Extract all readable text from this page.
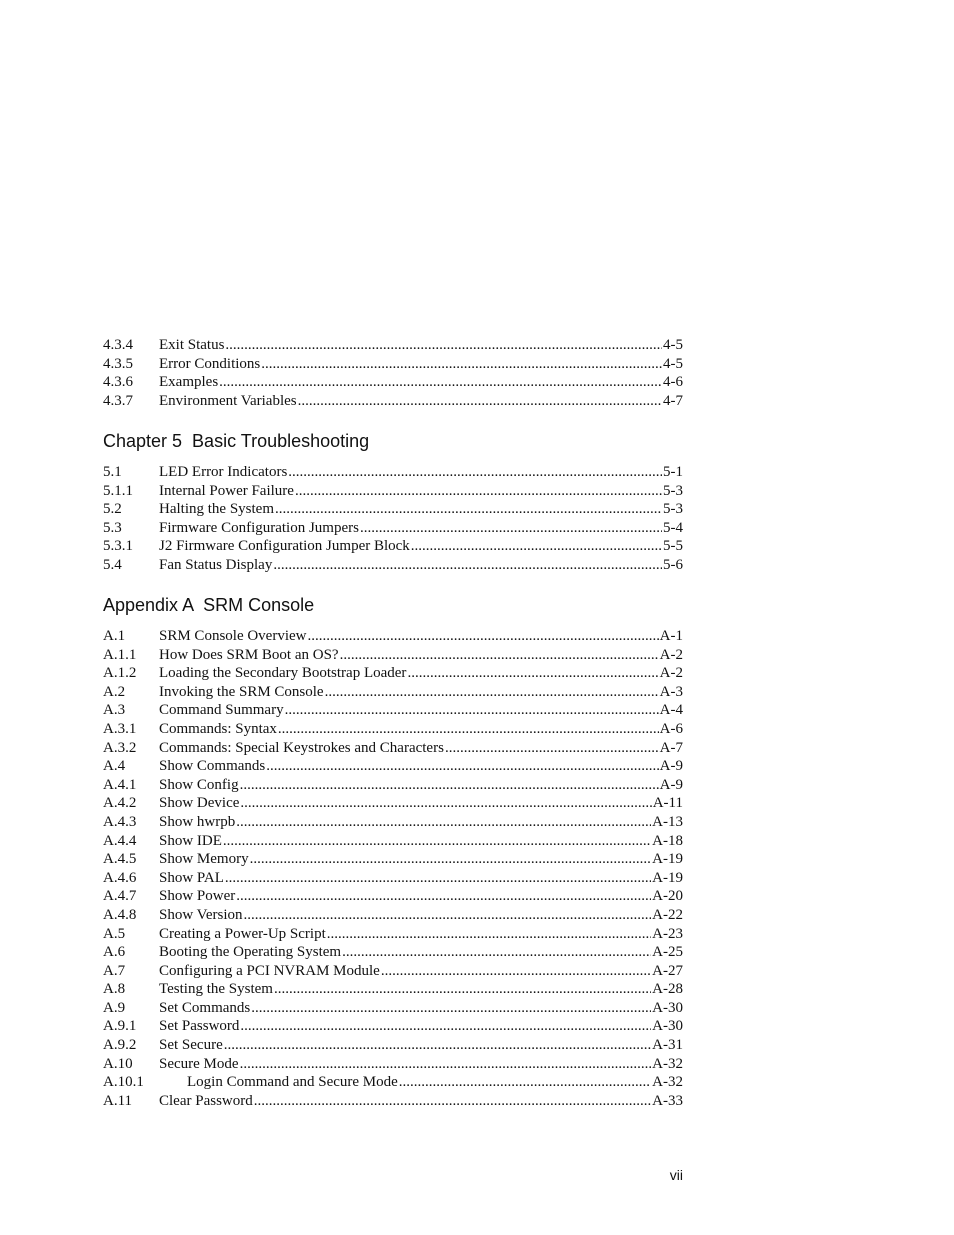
4.3.4	Exit Status .....	4-5
4.3.5	Error Conditions .....	4-5
4.3.6	Examples .....	4-6
4.3.7	Environment Variables .....	4-7
Chapter 5  Basic Troubleshooting
5.1	LED Error Indicators .....	5-1
5.1.1	Internal Power Failure .....	5-3
5.2	Halting the System .....	5-3
5.3	Firmware Configuration Jumpers .....	5-4
5.3.1	J2 Firmware Configuration Jumper Block .....	5-5
5.4	Fan Status Display .....	5-6
Appendix A  SRM Console
A.1	SRM Console Overview .....	A-1
A.1.1	How Does SRM Boot an OS? .....	A-2
A.1.2	Loading the Secondary Bootstrap Loader .....	A-2
A.2	Invoking the SRM Console .....	A-3
A.3	Command Summary .....	A-4
A.3.1	Commands: Syntax .....	A-6
A.3.2	Commands: Special Keystrokes and Characters .....	A-7
A.4	Show Commands .....	A-9
A.4.1	Show Config .....	A-9
A.4.2	Show Device .....	A-11
A.4.3	Show hwrpb .....	A-13
A.4.4	Show IDE .....	A-18
A.4.5	Show Memory .....	A-19
A.4.6	Show PAL .....	A-19
A.4.7	Show Power .....	A-20
A.4.8	Show Version .....	A-22
A.5	Creating a Power-Up Script .....	A-23
A.6	Booting the Operating System .....	A-25
A.7	Configuring a PCI NVRAM Module .....	A-27
A.8	Testing the System .....	A-28
A.9	Set Commands .....	A-30
A.9.1	Set Password .....	A-30
A.9.2	Set Secure .....	A-31
A.10	Secure Mode .....	A-32
A.10.1	Login Command and Secure Mode .....	A-32
A.11	Clear Password .....	A-33
vii
